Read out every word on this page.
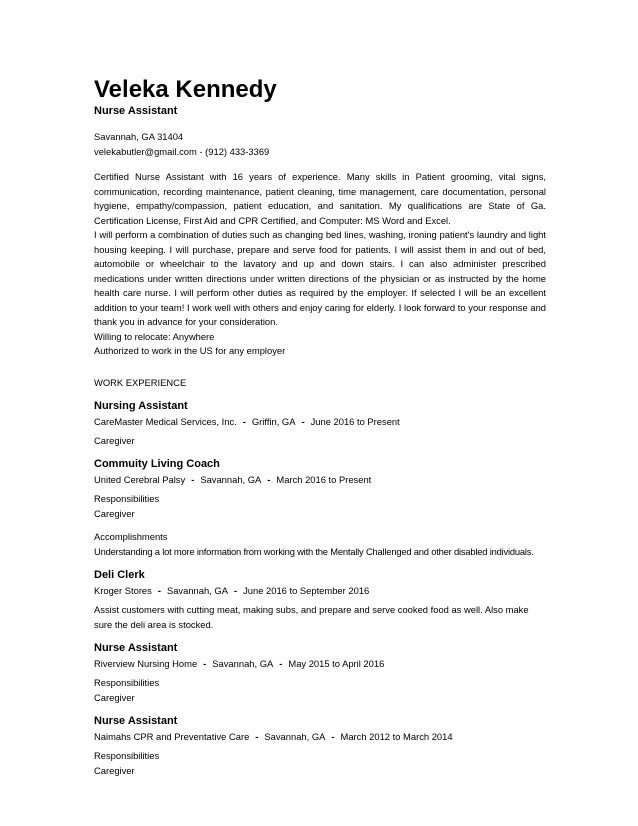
Veleka Kennedy
Nurse Assistant
Savannah, GA 31404
velekabutler@gmail.com - (912) 433-3369

Certified Nurse Assistant with 16 years of experience. Many skills in Patient grooming, vital signs, communication, recording maintenance, patient cleaning, time management, care documentation, personal hygiene, empathy/compassion, patient education, and sanitation. My qualifications are State of Ga. Certification License, First Aid and CPR Certified, and Computer: MS Word and Excel.

I will perform a combination of duties such as changing bed lines, washing, ironing patient's laundry and light housing keeping. I will purchase, prepare and serve food for patients. I will assist them in and out of bed, automobile or wheelchair to the lavatory and up and down stairs. I can also administer prescribed medications under written directions under written directions of the physician or as instructed by the home health care nurse. I will perform other duties as required by the employer. If selected I will be an excellent addition to your team! I work well with others and enjoy caring for elderly. I look forward to your response and thank you in advance for your consideration.

Willing to relocate: Anywhere

Authorized to work in the US for any employer

WORK EXPERIENCE
Nursing Assistant
CareMaster Medical Services, Inc. - Griffin, GA - June 2016 to Present
Caregiver
Commuity Living Coach
United Cerebral Palsy - Savannah, GA - March 2016 to Present
Responsibilities
Caregiver
Accomplishments
Understanding a lot more information from working with the Mentally Challenged and other disabled individuals.
Deli Clerk
Kroger Stores - Savannah, GA - June 2016 to September 2016
Assist customers with cutting meat, making subs, and prepare and serve cooked food as well. Also make sure the deli area is stocked.
Nurse Assistant
Riverview Nursing Home - Savannah, GA - May 2015 to April 2016
Responsibilities
Caregiver
Nurse Assistant
Naimahs CPR and Preventative Care - Savannah, GA - March 2012 to March 2014
Responsibilities
Caregiver
